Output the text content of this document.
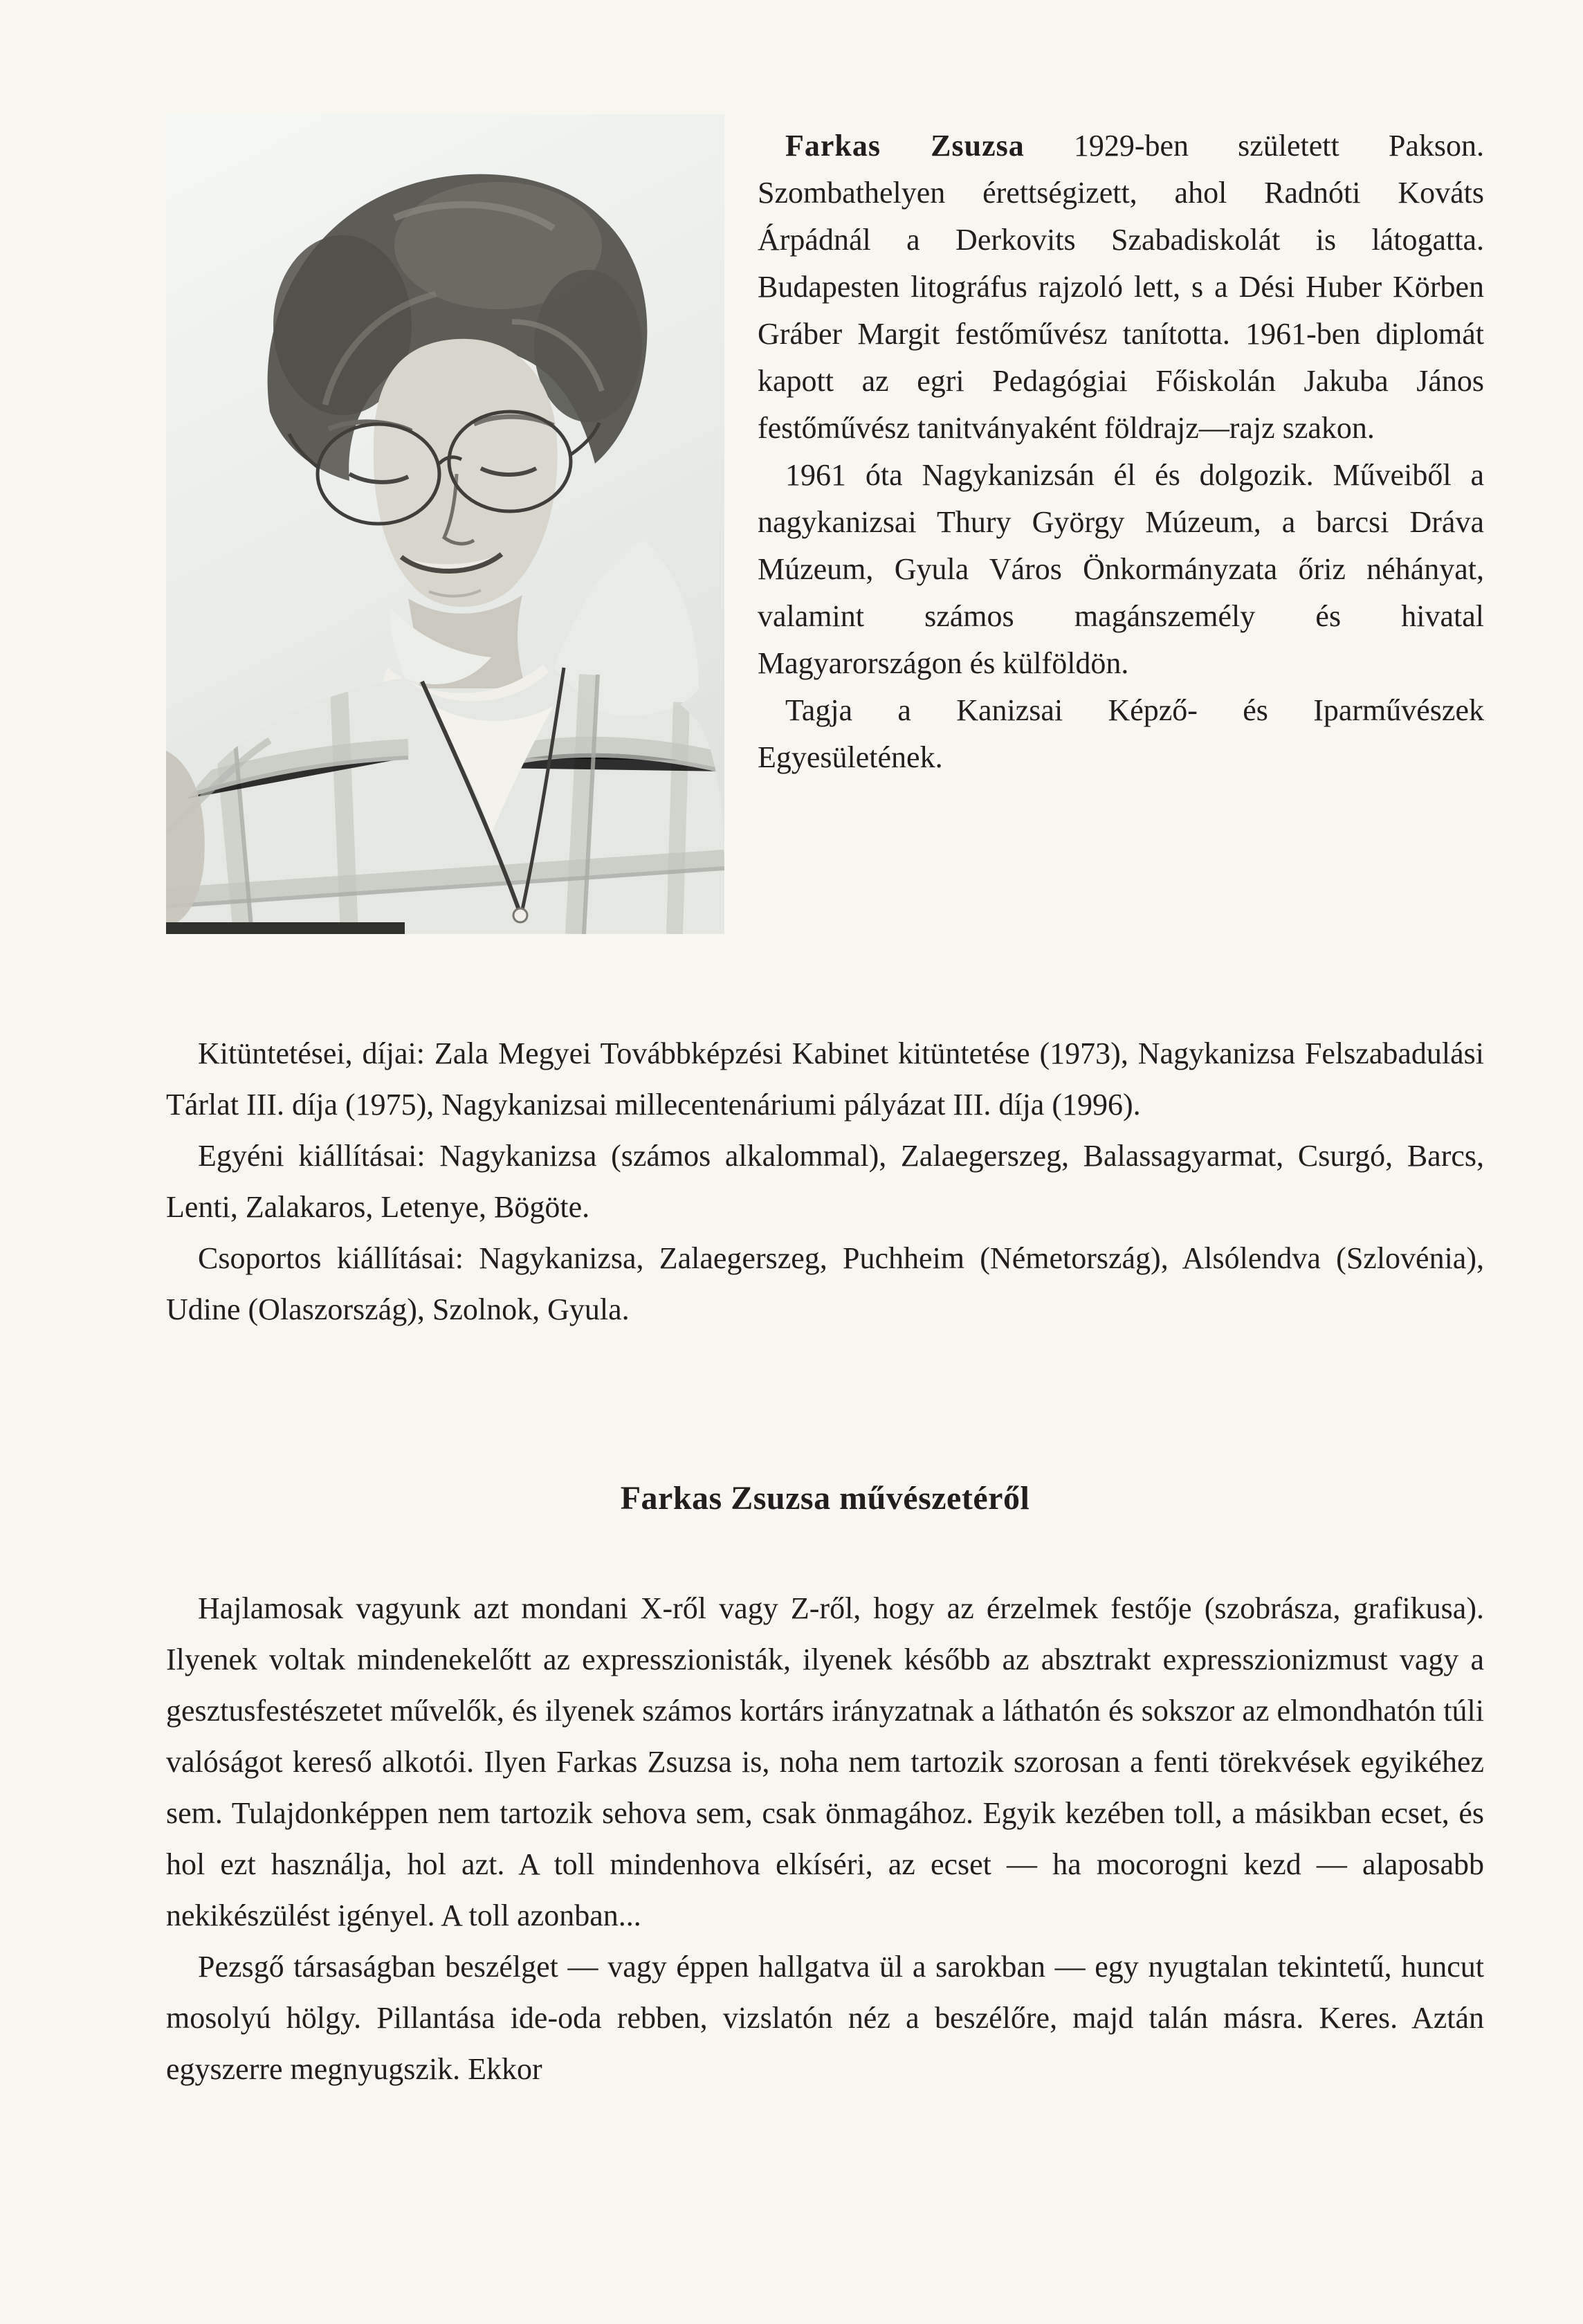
Farkas Zsuzsa 1929-ben született Pakson. Szombathelyen érettségizett, ahol Radnóti Kováts Árpádnál a Derkovits Szabadiskolát is látogatta. Budapesten litográfus rajzoló lett, s a Dési Huber Körben Gráber Margit festőművész tanította. 1961-ben diplomát kapott az egri Pedagógiai Főiskolán Jakuba János festőművész tanitványaként földrajz—rajz szakon.

1961 óta Nagykanizsán él és dolgozik. Műveiből a nagykanizsai Thury György Múzeum, a barcsi Dráva Múzeum, Gyula Város Önkormányzata őriz néhányat, valamint számos magánszemély és hivatal Magyarországon és külföldön.

Tagja a Kanizsai Képző- és Iparművészek Egyesületének.

Kitüntetései, díjai: Zala Megyei Továbbképzési Kabinet kitüntetése (1973), Nagykanizsa Felszabadulási Tárlat III. díja (1975), Nagykanizsai millecentenáriumi pályázat III. díja (1996).

Egyéni kiállításai: Nagykanizsa (számos alkalommal), Zalaegerszeg, Balassagyarmat, Csurgó, Barcs, Lenti, Zalakaros, Letenye, Bögöte.

Csoportos kiállításai: Nagykanizsa, Zalaegerszeg, Puchheim (Németország), Alsólendva (Szlovénia), Udine (Olaszország), Szolnok, Gyula.

Farkas Zsuzsa művészetéről

Hajlamosak vagyunk azt mondani X-ről vagy Z-ről, hogy az érzelmek festője (szobrásza, grafikusa). Ilyenek voltak mindenekelőtt az expresszionisták, ilyenek később az absztrakt expresszionizmust vagy a gesztusfestészetet művelők, és ilyenek számos kortárs irányzatnak a láthatón és sokszor az elmondhatón túli valóságot kereső alkotói. Ilyen Farkas Zsuzsa is, noha nem tartozik szorosan a fenti törekvések egyikéhez sem. Tulajdonképpen nem tartozik sehova sem, csak önmagához. Egyik kezében toll, a másikban ecset, és hol ezt használja, hol azt. A toll mindenhova elkíséri, az ecset — ha mocorogni kezd — alaposabb nekikészülést igényel. A toll azonban...

Pezsgő társaságban beszélget — vagy éppen hallgatva ül a sarokban — egy nyugtalan tekintetű, huncut mosolyú hölgy. Pillantása ide-oda rebben, vizslatón néz a beszélőre, majd talán másra. Keres. Aztán egyszerre megnyugszik. Ekkor
